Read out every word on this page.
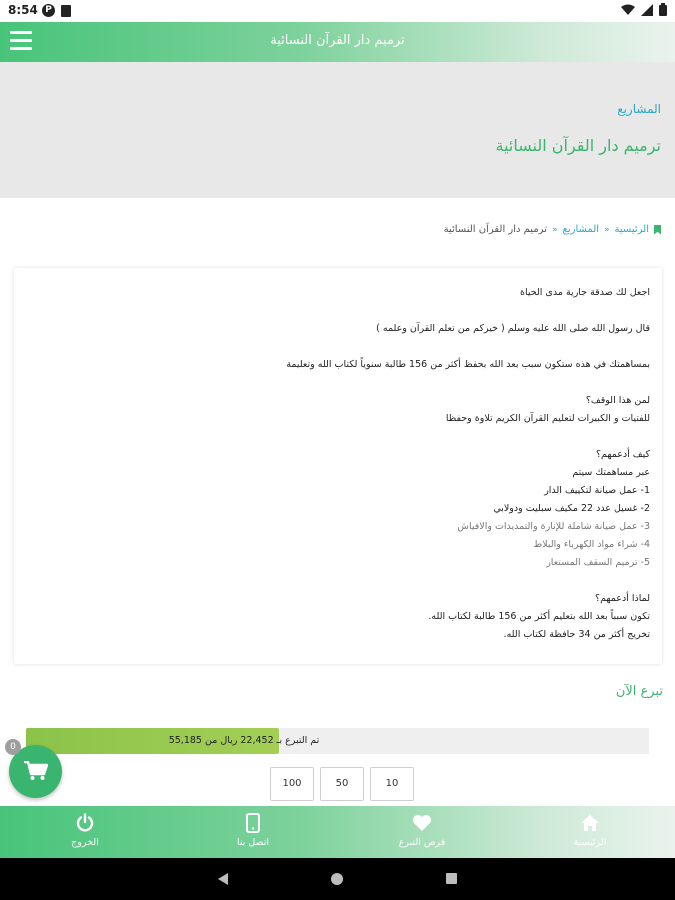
8:54 P
ترميم دار القرآن النسائية
المشاريع
ترميم دار القرآن النسائية
الرئيسية
»
المشاريع
»
ترميم دار القرآن النسائية
اجعل لك صدقة جارية مدى الحياة
قال رسول الله صلى الله عليه وسلم ( خيركم من تعلم القرآن وعلمه )
بمساهمتك في هذه ستكون سبب بعد الله بحفظ أكثر من 156 طالبة سنوياً لكتاب الله وتعليمة
لمن هذا الوقف؟
للفتيات و الكبيرات لتعليم القرآن الكريم تلاوة وحفظا
كيف أدعمهم؟
عبر مساهمتك سيتم
1- عمل صيانة لتكييف الدار
2- غسيل عدد 22 مكيف سبليت ودولابي
3- عمل صيانة شاملة للإنارة والتمديدات والافياش
4- شراء مواد الكهرباء والبلاط
5- ترميم السقف المستعار
لماذا أدعمهم؟
تكون سبباً بعد الله بتعليم أكثر من 156 طالبة لكتاب الله.
تخريج أكثر من 34 حافظة لكتاب الله.
تبرع الآن
تم التبرع بـ 22,452 ريال من 55,185
100	50	10
0
الخروج	اتصل بنا	فرص التبرع	الرئيسية
